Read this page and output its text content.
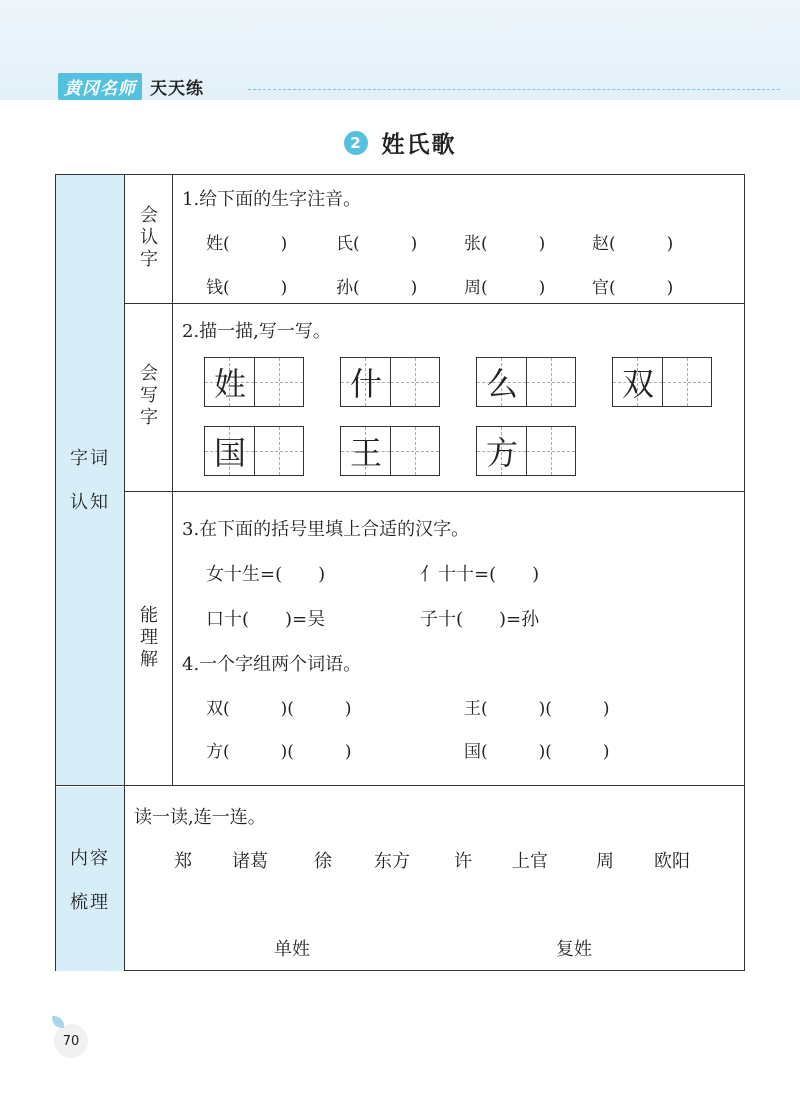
黄冈名师 天天练
2 姓氏歌
字词
认知
内容
梳理
会
认
字
会
写
字
能
理
解
1.给下面的生字注音。
姓(　　　)	氏(　　　)	张(　　　)	赵(　　　)
钱(　　　)	孙(　　　)	周(　　　)	官(　　　)
2.描一描,写一写。
姓	什	么	双
国	王	方
3.在下面的括号里填上合适的汉字。
女十生=(　　)	亻十十=(　　)
口十(　　)=吴	子十(　　)=孙
4.一个字组两个词语。
双(　　　)(　　　)	王(　　　)(　　　)
方(　　　)(　　　)	国(　　　)(　　　)
读一读,连一连。
郑 诸葛	徐 东方 许 上官	周 欧阳
单姓	复姓
70
